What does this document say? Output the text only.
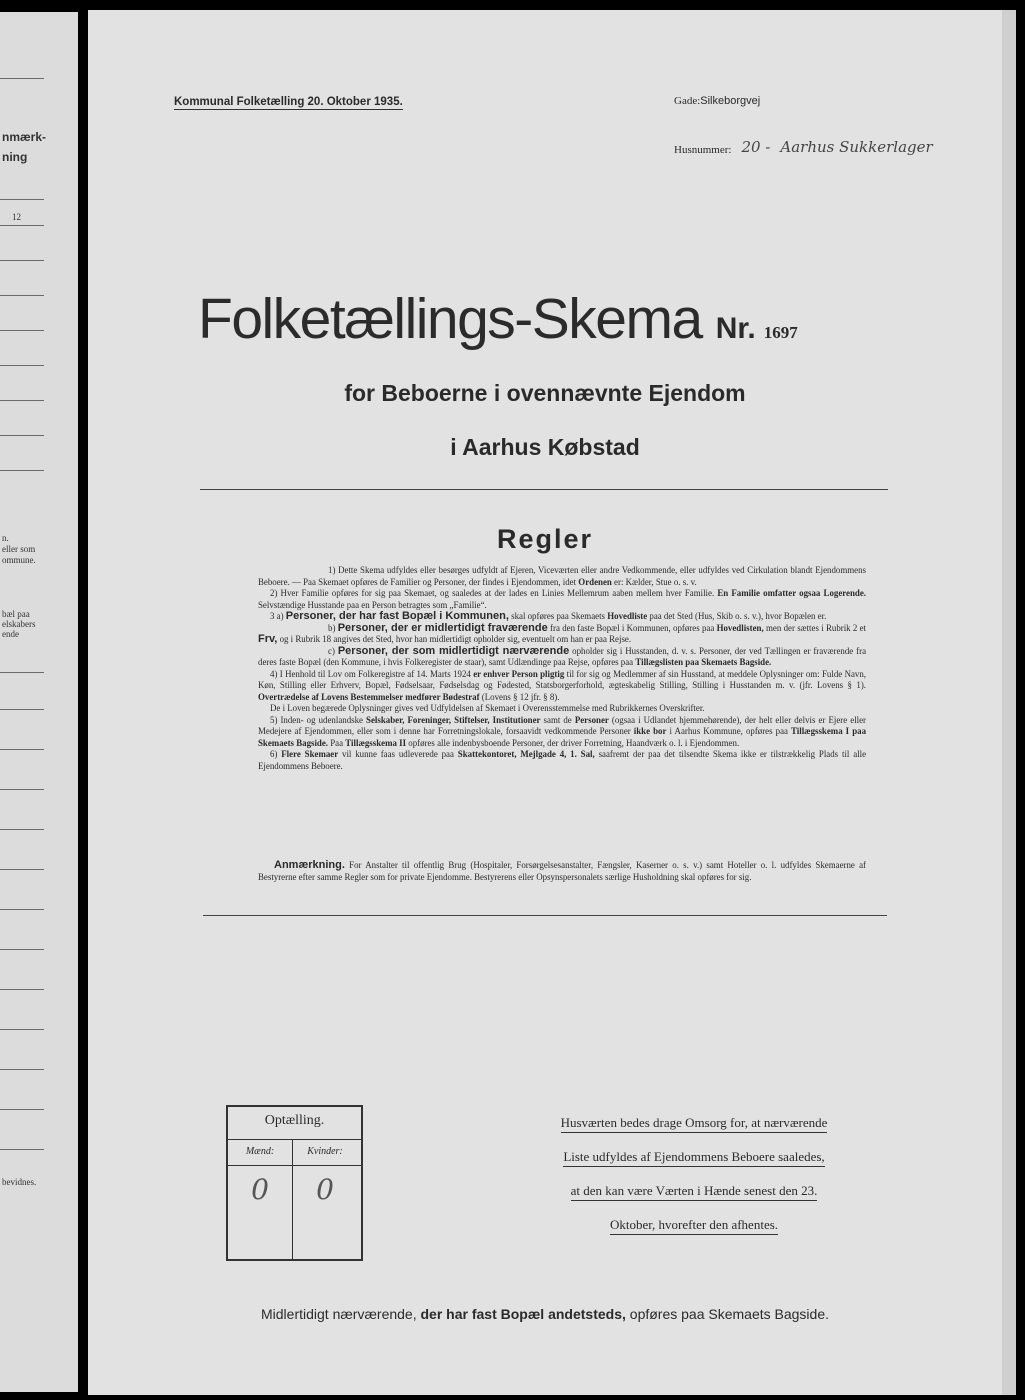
nmærk-
ning
12
n.
eller som
ommune.
bæl paa
elskabers
ende
bevidnes.
Kommunal Folketælling 20. Oktober 1935.	Gade:Silkeborgvej
Husnummer: 20 - Aarhus Sukkerlager
Folketællings-Skema Nr. 1697
for Beboerne i ovennævnte Ejendom
i Aarhus Købstad
Regler

1) Dette Skema udfyldes eller besørges udfyldt af Ejeren, Viceværten eller andre Vedkommende, eller udfyldes ved Cirkulation blandt Ejendommens Beboere. — Paa Skemaet opføres de Familier og Personer, der findes i Ejendommen, idet Ordenen er: Kælder, Stue o. s. v.

2) Hver Familie opføres for sig paa Skemaet, og saaledes at der lades en Linies Mellemrum aaben mellem hver Familie. En Familie omfatter ogsaa Logerende. Selvstændige Husstande paa en Person betragtes som „Familie“.

3 a) Personer, der har fast Bopæl i Kommunen, skal opføres paa Skemaets Hovedliste paa det Sted (Hus, Skib o. s. v.), hvor Bopælen er.

b) Personer, der er midlertidigt fraværende fra den faste Bopæl i Kommunen, opføres paa Hovedlisten, men der sættes i Rubrik 2 et Frv, og i Rubrik 18 angives det Sted, hvor han midlertidigt opholder sig, eventuelt om han er paa Rejse.

c) Personer, der som midlertidigt nærværende opholder sig i Husstanden, d. v. s. Personer, der ved Tællingen er fraværende fra deres faste Bopæl (den Kommune, i hvis Folkeregister de staar), samt Udlændinge paa Rejse, opføres paa Tillægslisten paa Skemaets Bagside.

4) I Henhold til Lov om Folkeregistre af 14. Marts 1924 er enhver Person pligtig til for sig og Medlemmer af sin Husstand, at meddele Oplysninger om: Fulde Navn, Køn, Stilling eller Erhverv, Bopæl, Fødselsaar, Fødselsdag og Fødested, Statsborgerforhold, ægteskabelig Stilling, Stilling i Husstanden m. v. (jfr. Lovens § 1). Overtrædelse af Lovens Bestemmelser medfører Bødestraf (Lovens § 12 jfr. § 8).

De i Loven begærede Oplysninger gives ved Udfyldelsen af Skemaet i Overensstemmelse med Rubrikkernes Overskrifter.

5) Inden- og udenlandske Selskaber, Foreninger, Stiftelser, Institutioner samt de Personer (ogsaa i Udlandet hjemmehørende), der helt eller delvis er Ejere eller Medejere af Ejendommen, eller som i denne har Forretningslokale, forsaavidt vedkommende Personer ikke bor i Aarhus Kommune, opføres paa Tillægsskema I paa Skemaets Bagside. Paa Tillægsskema II opføres alle indenbysboende Personer, der driver Forretning, Haandværk o. l. i Ejendommen.

6) Flere Skemaer vil kunne faas udleverede paa Skattekontoret, Mejlgade 4, 1. Sal, saafremt der paa det tilsendte Skema ikke er tilstrækkelig Plads til alle Ejendommens Beboere.

Anmærkning. For Anstalter til offentlig Brug (Hospitaler, Forsørgelsesanstalter, Fængsler, Kaserner o. s. v.) samt Hoteller o. l. udfyldes Skemaerne af Bestyrerne efter samme Regler som for private Ejendomme. Bestyrerens eller Opsynspersonalets særlige Husholdning skal opføres for sig.
Optælling.
Mænd:	Kvinder:
0	0
Husværten bedes drage Omsorg for, at nærværende
Liste udfyldes af Ejendommens Beboere saaledes,
at den kan være Værten i Hænde senest den 23.
Oktober, hvorefter den afhentes.
Midlertidigt nærværende, der har fast Bopæl andetsteds, opføres paa Skemaets Bagside.
